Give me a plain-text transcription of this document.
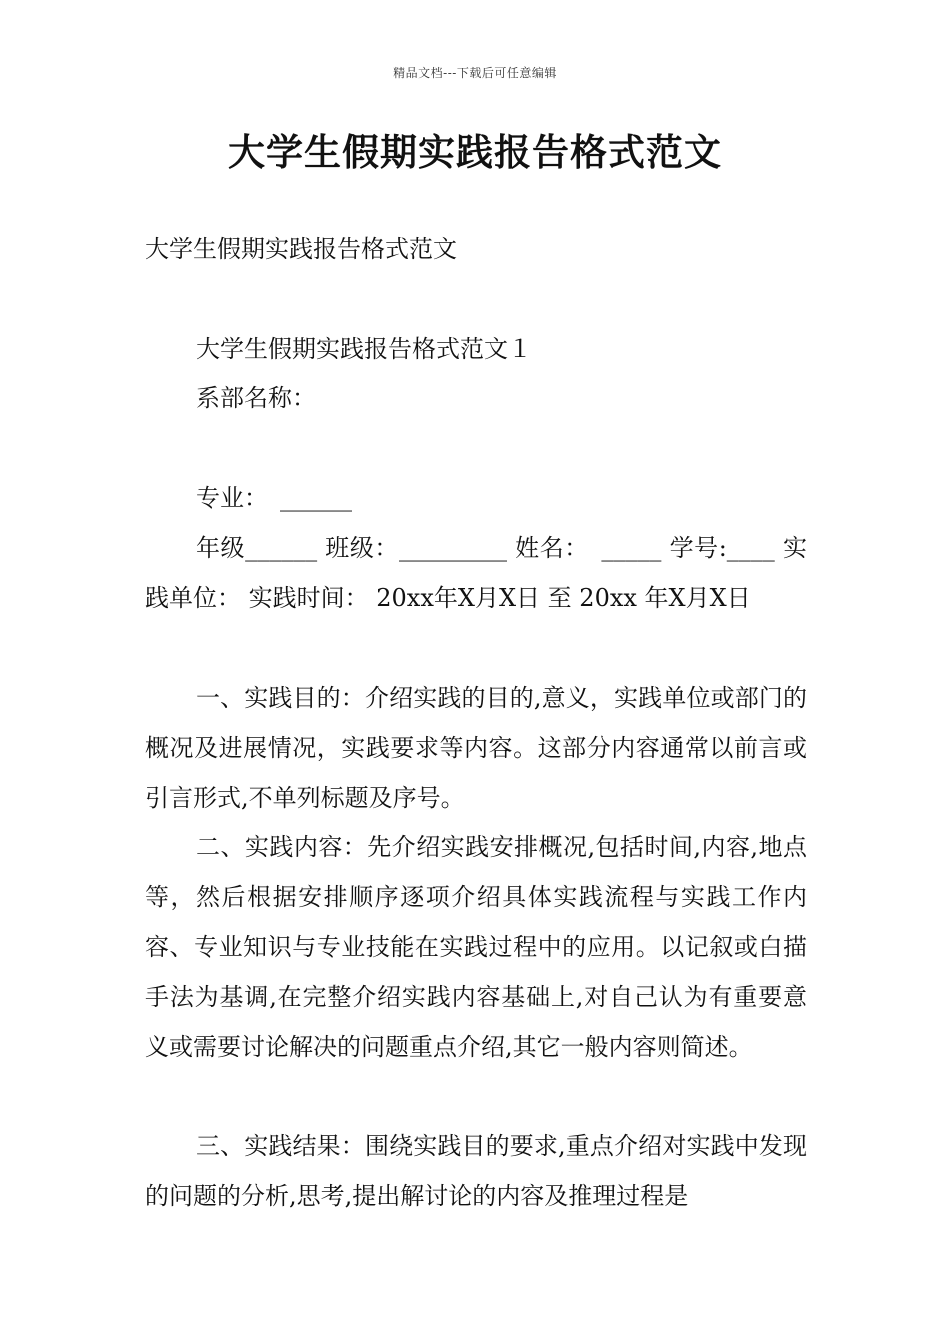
精品文档---下载后可任意编辑
大学生假期实践报告格式范文
大学生假期实践报告格式范文
大学生假期实践报告格式范文１
系部名称：
专业：　______
年级______ 班级：_________ 姓名：　_____ 学号:____ 实践单位： 实践时间： 20xx年X月X日 至 20xx 年X月X日
一、实践目的：介绍实践的目的,意义，实践单位或部门的概况及进展情况，实践要求等内容。这部分内容通常以前言或引言形式,不单列标题及序号。
二、实践内容：先介绍实践安排概况,包括时间,内容,地点等，然后根据安排顺序逐项介绍具体实践流程与实践工作内容、专业知识与专业技能在实践过程中的应用。以记叙或白描手法为基调,在完整介绍实践内容基础上,对自己认为有重要意义或需要讨论解决的问题重点介绍,其它一般内容则简述。
三、实践结果：围绕实践目的要求,重点介绍对实践中发现的问题的分析,思考,提出解讨论的内容及推理过程是
